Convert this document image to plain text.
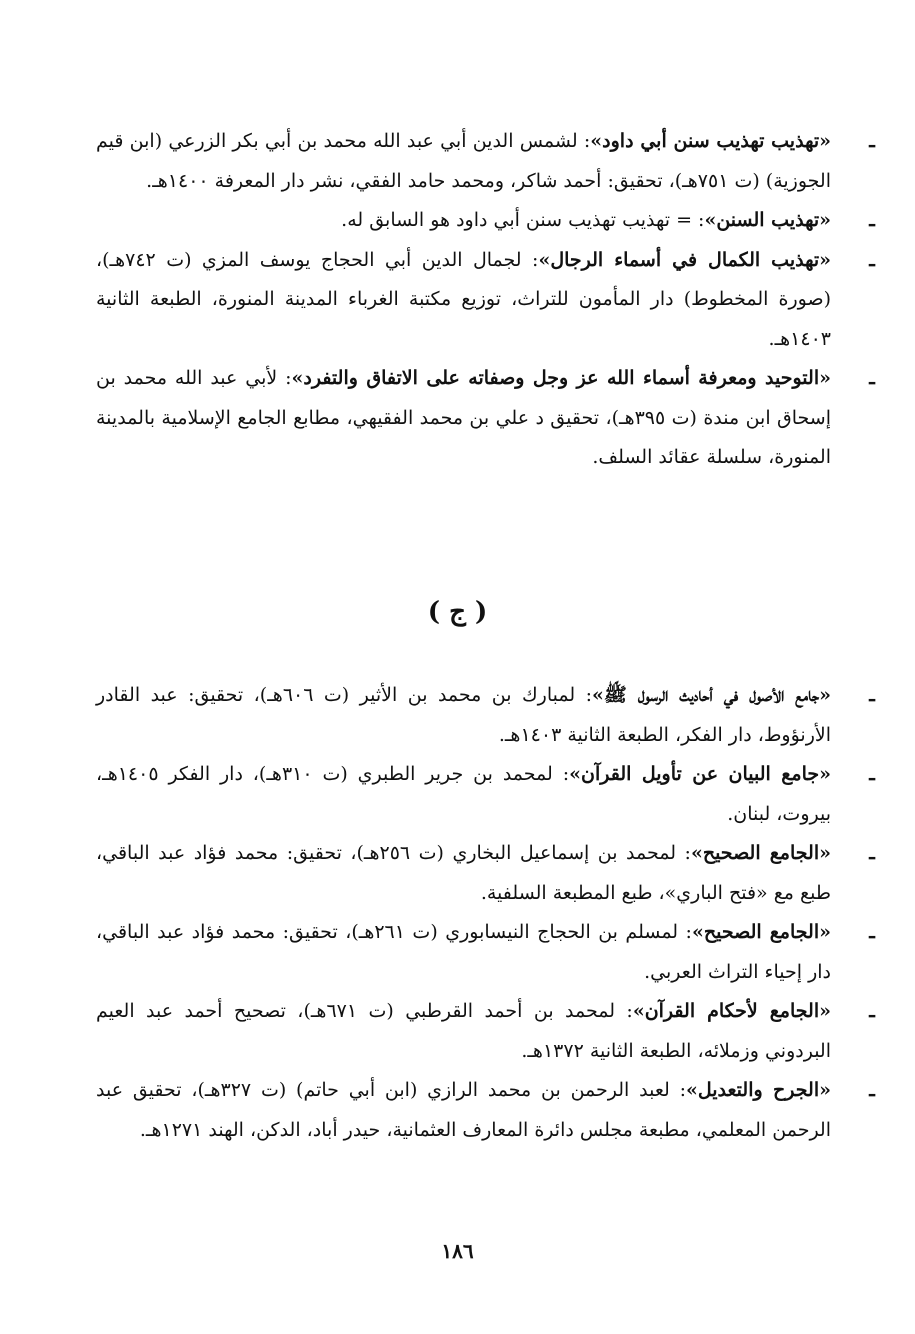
ـ
«تهذيب تهذيب سنن أبي داود»: لشمس الدين أبي عبد الله محمد بن أبي بكر الزرعي (ابن قيم الجوزية) (ت ٧٥١هـ)، تحقيق: أحمد شاكر، ومحمد حامد الفقي، نشر دار المعرفة ١٤٠٠هـ.

ـ
«تهذيب السنن»: = تهذيب تهذيب سنن أبي داود هو السابق له.

ـ
«تهذيب الكمال في أسماء الرجال»: لجمال الدين أبي الحجاج يوسف المزي (ت ٧٤٢هـ)، (صورة المخطوط) دار المأمون للتراث، توزيع مكتبة الغرباء المدينة المنورة، الطبعة الثانية ١٤٠٣هـ.

ـ
«التوحيد ومعرفة أسماء الله عز وجل وصفاته على الاتفاق والتفرد»: لأبي عبد الله محمد بن إسحاق ابن مندة (ت ٣٩٥هـ)، تحقيق د علي بن محمد الفقيهي، مطابع الجامع الإسلامية بالمدينة المنورة، سلسلة عقائد السلف.

( ج )

ـ
«جامع الأصول في أحاديث الرسول ﷺ»: لمبارك بن محمد بن الأثير (ت ٦٠٦هـ)، تحقيق: عبد القادر الأرنؤوط، دار الفكر، الطبعة الثانية ١٤٠٣هـ.

ـ
«جامع البيان عن تأويل القرآن»: لمحمد بن جرير الطبري (ت ٣١٠هـ)، دار الفكر ١٤٠٥هـ، بيروت، لبنان.

ـ
«الجامع الصحيح»: لمحمد بن إسماعيل البخاري (ت ٢٥٦هـ)، تحقيق: محمد فؤاد عبد الباقي، طبع مع «فتح الباري»، طبع المطبعة السلفية.

ـ
«الجامع الصحيح»: لمسلم بن الحجاج النيسابوري (ت ٢٦١هـ)، تحقيق: محمد فؤاد عبد الباقي، دار إحياء التراث العربي.

ـ
«الجامع لأحكام القرآن»: لمحمد بن أحمد القرطبي (ت ٦٧١هـ)، تصحيح أحمد عبد العيم البردوني وزملائه، الطبعة الثانية ١٣٧٢هـ.

ـ
«الجرح والتعديل»: لعبد الرحمن بن محمد الرازي (ابن أبي حاتم) (ت ٣٢٧هـ)، تحقيق عبد الرحمن المعلمي، مطبعة مجلس دائرة المعارف العثمانية، حيدر أباد، الدكن، الهند ١٢٧١هـ.

١٨٦
